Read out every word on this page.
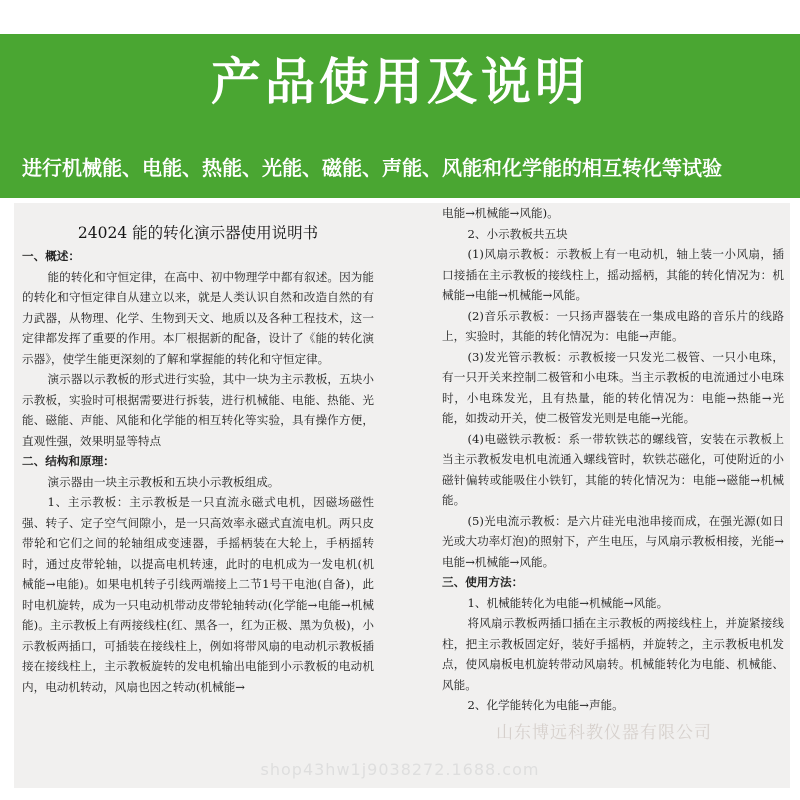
产品使用及说明
进行机械能、电能、热能、光能、磁能、声能、风能和化学能的相互转化等试验
24024 能的转化演示器使用说明书
一、概述：
能的转化和守恒定律，在高中、初中物理学中都有叙述。因为能的转化和守恒定律自从建立以来，就是人类认识自然和改造自然的有力武器，从物理、化学、生物到天文、地质以及各种工程技术，这一定律都发挥了重要的作用。本厂根据新的配备，设计了《能的转化演示器》，使学生能更深刻的了解和掌握能的转化和守恒定律。
演示器以示教板的形式进行实验，其中一块为主示教板，五块小示教板，实验时可根据需要进行拆装，进行机械能、电能、热能、光能、磁能、声能、风能和化学能的相互转化等实验，具有操作方便，直观性强，效果明显等特点
二、结构和原理：
演示器由一块主示教板和五块小示教板组成。
1、主示教板：主示教板是一只直流永磁式电机，因磁场磁性强、转子、定子空气间隙小，是一只高效率永磁式直流电机。两只皮带轮和它们之间的轮轴组成变速器，手摇柄装在大轮上，手柄摇转时，通过皮带轮轴，以提高电机转速，此时的电机成为一发电机(机械能→电能)。如果电机转子引线两端接上二节1号干电池(自备)，此时电机旋转，成为一只电动机带动皮带轮轴转动(化学能→电能→机械能)。主示教板上有两接线柱(红、黑各一，红为正极、黑为负极)，小示教板两插口，可插装在接线柱上，例如将带风扇的电动机示教板插接在接线柱上，主示教板旋转的发电机输出电能到小示教板的电动机内，电动机转动，风扇也因之转动(机械能→
电能→机械能→风能)。
2、小示教板共五块
(1)风扇示教板：示教板上有一电动机，轴上装一小风扇，插口接插在主示教板的接线柱上，摇动摇柄，其能的转化情况为：机械能→电能→机械能→风能。
(2)音乐示教板：一只扬声器装在一集成电路的音乐片的线路上，实验时，其能的转化情况为：电能→声能。
(3)发光管示教板：示教板接一只发光二极管、一只小电珠，有一只开关来控制二极管和小电珠。当主示教板的电流通过小电珠时，小电珠发光，且有热量，能的转化情况为：电能→热能→光能，如拨动开关，使二极管发光则是电能→光能。
(4)电磁铁示教板：系一带软铁芯的螺线管，安装在示教板上当主示教板发电机电流通入螺线管时，软铁芯磁化，可使附近的小磁针偏转或能吸住小铁钉，其能的转化情况为：电能→磁能→机械能。
(5)光电流示教板：是六片硅光电池串接而成，在强光源(如日光或大功率灯泡)的照射下，产生电压，与风扇示教板相接，光能→电能→机械能→风能。
三、使用方法：
1、机械能转化为电能→机械能→风能。
将风扇示教板两插口插在主示教板的两接线柱上，并旋紧接线柱，把主示教板固定好，装好手摇柄，并旋转之，主示教板电机发点，使风扇板电机旋转带动风扇转。机械能转化为电能、机械能、风能。
2、化学能转化为电能→声能。
山东博远科教仪器有限公司
shop43hw1j9038272.1688.com
